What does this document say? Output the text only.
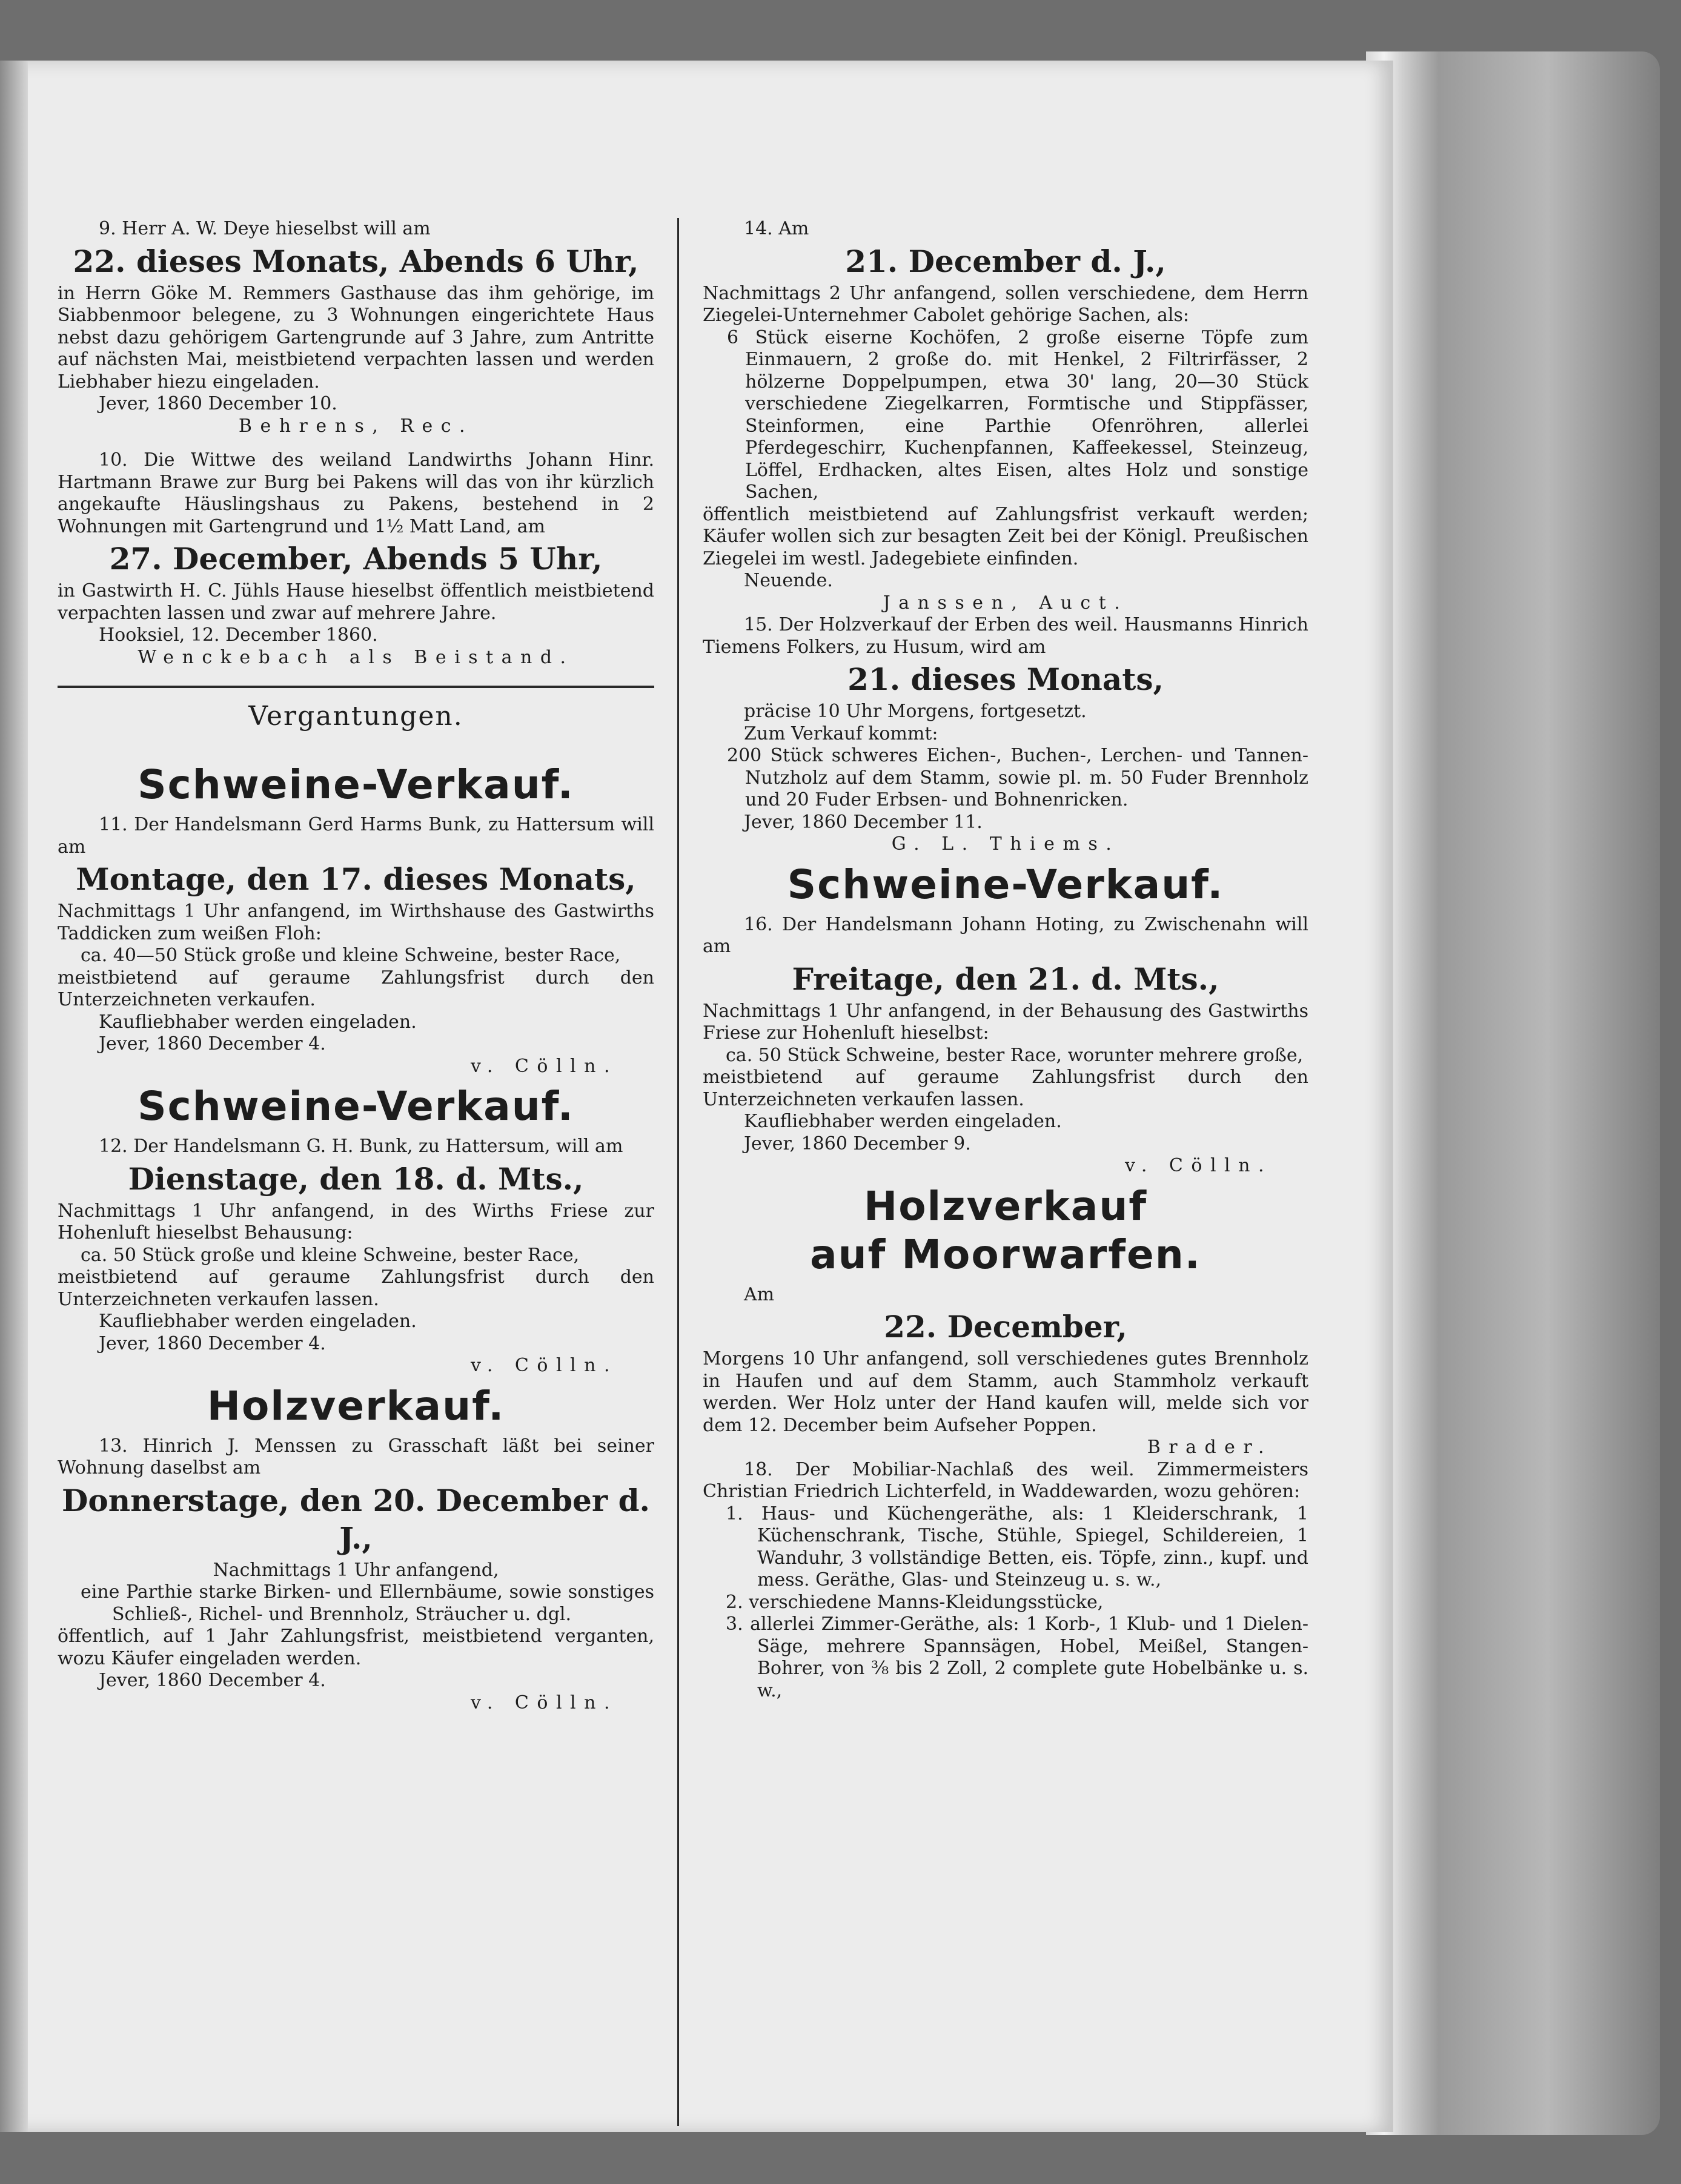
9. Herr A. W. Deye hieselbst will am

22. dieses Monats, Abends 6 Uhr,

in Herrn Göke M. Remmers Gasthause das ihm gehörige, im Siabbenmoor belegene, zu 3 Wohnungen eingerichtete Haus nebst dazu gehörigem Gartengrunde auf 3 Jahre, zum Antritte auf nächsten Mai, meistbietend verpachten lassen und werden Liebhaber hiezu eingeladen.

Jever, 1860 December 10.

Behrens, Rec.

10. Die Wittwe des weiland Landwirths Johann Hinr. Hartmann Brawe zur Burg bei Pakens will das von ihr kürzlich angekaufte Häuslingshaus zu Pakens, bestehend in 2 Wohnungen mit Gartengrund und 1½ Matt Land, am

27. December, Abends 5 Uhr,

in Gastwirth H. C. Jühls Hause hieselbst öffentlich meistbietend verpachten lassen und zwar auf mehrere Jahre.

Hooksiel, 12. December 1860.

Wenckebach als Beistand.

Vergantungen.

Schweine-Verkauf.

11. Der Handelsmann Gerd Harms Bunk, zu Hattersum will am

Montage, den 17. dieses Monats,

Nachmittags 1 Uhr anfangend, im Wirthshause des Gastwirths Taddicken zum weißen Floh:

ca. 40—50 Stück große und kleine Schweine, bester Race,

meistbietend auf geraume Zahlungsfrist durch den Unterzeichneten verkaufen.

Kaufliebhaber werden eingeladen.

Jever, 1860 December 4.

v. Cölln.

Schweine-Verkauf.

12. Der Handelsmann G. H. Bunk, zu Hattersum, will am

Dienstage, den 18. d. Mts.,

Nachmittags 1 Uhr anfangend, in des Wirths Friese zur Hohenluft hieselbst Behausung:

ca. 50 Stück große und kleine Schweine, bester Race,

meistbietend auf geraume Zahlungsfrist durch den Unterzeichneten verkaufen lassen.

Kaufliebhaber werden eingeladen.

Jever, 1860 December 4.

v. Cölln.

Holzverkauf.

13. Hinrich J. Menssen zu Grasschaft läßt bei seiner Wohnung daselbst am

Donnerstage, den 20. December d. J.,

Nachmittags 1 Uhr anfangend,

eine Parthie starke Birken- und Ellernbäume, sowie sonstiges Schließ-, Richel- und Brennholz, Sträucher u. dgl.

öffentlich, auf 1 Jahr Zahlungsfrist, meistbietend verganten, wozu Käufer eingeladen werden.

Jever, 1860 December 4.

v. Cölln.

14. Am

21. December d. J.,

Nachmittags 2 Uhr anfangend, sollen verschiedene, dem Herrn Ziegelei-Unternehmer Cabolet gehörige Sachen, als:

6 Stück eiserne Kochöfen, 2 große eiserne Töpfe zum Einmauern, 2 große do. mit Henkel, 2 Filtrirfässer, 2 hölzerne Doppelpumpen, etwa 30' lang, 20—30 Stück verschiedene Ziegelkarren, Formtische und Stippfässer, Steinformen, eine Parthie Ofenröhren, allerlei Pferdegeschirr, Kuchenpfannen, Kaffeekessel, Steinzeug, Löffel, Erdhacken, altes Eisen, altes Holz und sonstige Sachen,

öffentlich meistbietend auf Zahlungsfrist verkauft werden; Käufer wollen sich zur besagten Zeit bei der Königl. Preußischen Ziegelei im westl. Jadegebiete einfinden.

Neuende.

Janssen, Auct.

15. Der Holzverkauf der Erben des weil. Hausmanns Hinrich Tiemens Folkers, zu Husum, wird am

21. dieses Monats,

präcise 10 Uhr Morgens, fortgesetzt.

Zum Verkauf kommt:

200 Stück schweres Eichen-, Buchen-, Lerchen- und Tannen-Nutzholz auf dem Stamm, sowie pl. m. 50 Fuder Brennholz und 20 Fuder Erbsen- und Bohnenricken.

Jever, 1860 December 11.

G. L. Thiems.

Schweine-Verkauf.

16. Der Handelsmann Johann Hoting, zu Zwischenahn will am

Freitage, den 21. d. Mts.,

Nachmittags 1 Uhr anfangend, in der Behausung des Gastwirths Friese zur Hohenluft hieselbst:

ca. 50 Stück Schweine, bester Race, worunter mehrere große,

meistbietend auf geraume Zahlungsfrist durch den Unterzeichneten verkaufen lassen.

Kaufliebhaber werden eingeladen.

Jever, 1860 December 9.

v. Cölln.

Holzverkauf

auf Moorwarfen.

Am

22. December,

Morgens 10 Uhr anfangend, soll verschiedenes gutes Brennholz in Haufen und auf dem Stamm, auch Stammholz verkauft werden. Wer Holz unter der Hand kaufen will, melde sich vor dem 12. December beim Aufseher Poppen.

Brader.

18. Der Mobiliar-Nachlaß des weil. Zimmermeisters Christian Friedrich Lichterfeld, in Waddewarden, wozu gehören:

1. Haus- und Küchengeräthe, als: 1 Kleiderschrank, 1 Küchenschrank, Tische, Stühle, Spiegel, Schildereien, 1 Wanduhr, 3 vollständige Betten, eis. Töpfe, zinn., kupf. und mess. Geräthe, Glas- und Steinzeug u. s. w.,

2. verschiedene Manns-Kleidungsstücke,

3. allerlei Zimmer-Geräthe, als: 1 Korb-, 1 Klub- und 1 Dielen-Säge, mehrere Spannsägen, Hobel, Meißel, Stangen-Bohrer, von ⅜ bis 2 Zoll, 2 complete gute Hobelbänke u. s. w.,
